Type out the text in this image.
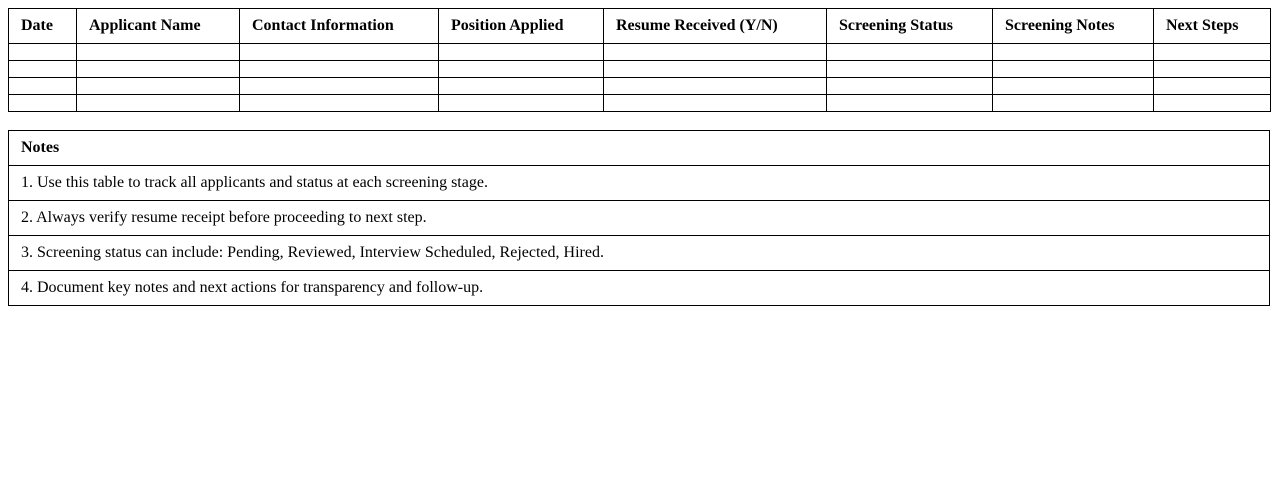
Date	Applicant Name	Contact Information	Position Applied	Resume Received (Y/N)	Screening Status	Screening Notes	Next Steps

Notes
1. Use this table to track all applicants and status at each screening stage.
2. Always verify resume receipt before proceeding to next step.
3. Screening status can include: Pending, Reviewed, Interview Scheduled, Rejected, Hired.
4. Document key notes and next actions for transparency and follow-up.
